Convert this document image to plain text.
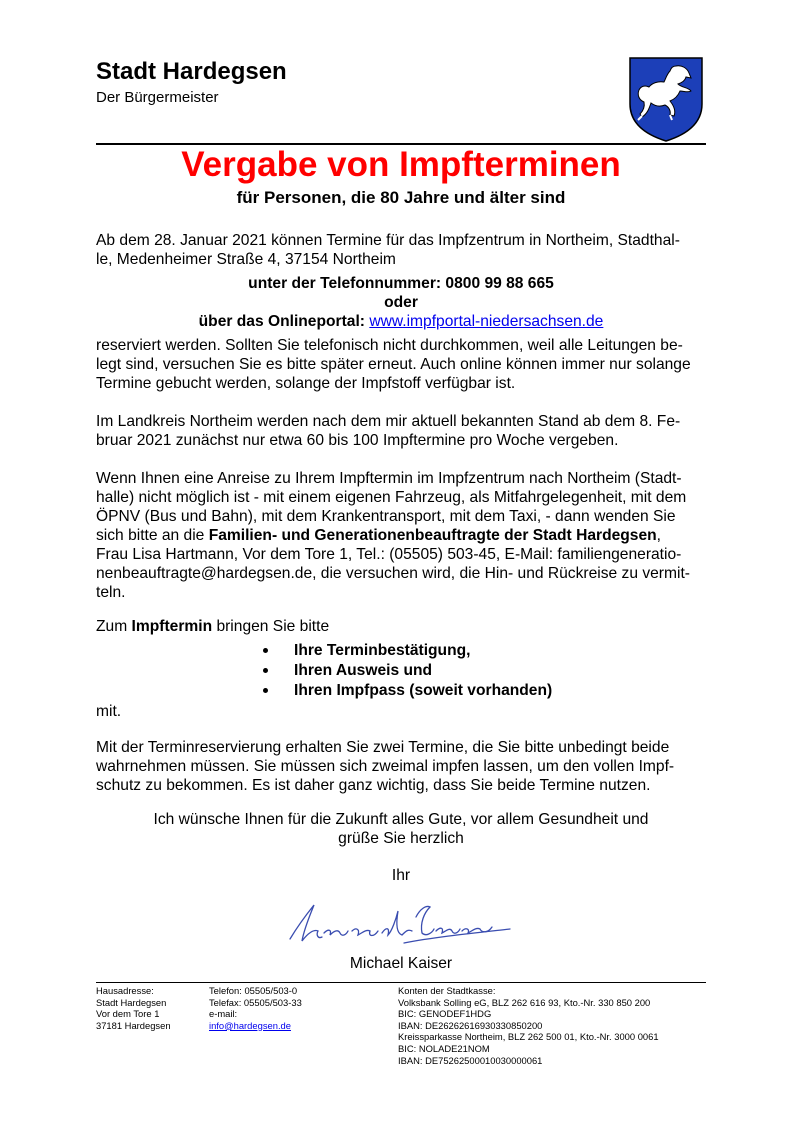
Stadt Hardegsen
Der Bürgermeister
Vergabe von Impfterminen
für Personen, die 80 Jahre und älter sind
Ab dem 28. Januar 2021 können Termine für das Impfzentrum in Northeim, Stadthal-
le, Medenheimer Straße 4, 37154 Northeim
unter der Telefonnummer: 0800 99 88 665
oder
über das Onlineportal: www.impfportal-niedersachsen.de
reserviert werden. Sollten Sie telefonisch nicht durchkommen, weil alle Leitungen be-
legt sind, versuchen Sie es bitte später erneut. Auch online können immer nur solange
Termine gebucht werden, solange der Impfstoff verfügbar ist.
Im Landkreis Northeim werden nach dem mir aktuell bekannten Stand ab dem 8. Fe-
bruar 2021 zunächst nur etwa 60 bis 100 Impftermine pro Woche vergeben.
Wenn Ihnen eine Anreise zu Ihrem Impftermin im Impfzentrum nach Northeim (Stadt-
halle) nicht möglich ist - mit einem eigenen Fahrzeug, als Mitfahrgelegenheit, mit dem
ÖPNV (Bus und Bahn), mit dem Krankentransport, mit dem Taxi, - dann wenden Sie
sich bitte an die Familien- und Generationenbeauftragte der Stadt Hardegsen,
Frau Lisa Hartmann, Vor dem Tore 1, Tel.: (05505) 503-45, E-Mail: familiengeneratio-
nenbeauftragte@hardegsen.de, die versuchen wird, die Hin- und Rückreise zu vermit-
teln.
Zum Impftermin bringen Sie bitte
Ihre Terminbestätigung,
Ihren Ausweis und
Ihren Impfpass (soweit vorhanden)
mit.
Mit der Terminreservierung erhalten Sie zwei Termine, die Sie bitte unbedingt beide
wahrnehmen müssen. Sie müssen sich zweimal impfen lassen, um den vollen Impf-
schutz zu bekommen. Es ist daher ganz wichtig, dass Sie beide Termine nutzen.
Ich wünsche Ihnen für die Zukunft alles Gute, vor allem Gesundheit und
grüße Sie herzlich
Ihr
Michael Kaiser
Hausadresse:
Stadt Hardegsen
Vor dem Tore 1
37181 Hardegsen
Telefon: 05505/503-0
Telefax: 05505/503-33
e-mail:
info@hardegsen.de
Konten der Stadtkasse:
Volksbank Solling eG, BLZ 262 616 93, Kto.-Nr. 330 850 200
BIC: GENODEF1HDG
IBAN: DE26262616930330850200
Kreissparkasse Northeim, BLZ 262 500 01, Kto.-Nr. 3000 0061
BIC: NOLADE21NOM
IBAN: DE75262500010030000061
